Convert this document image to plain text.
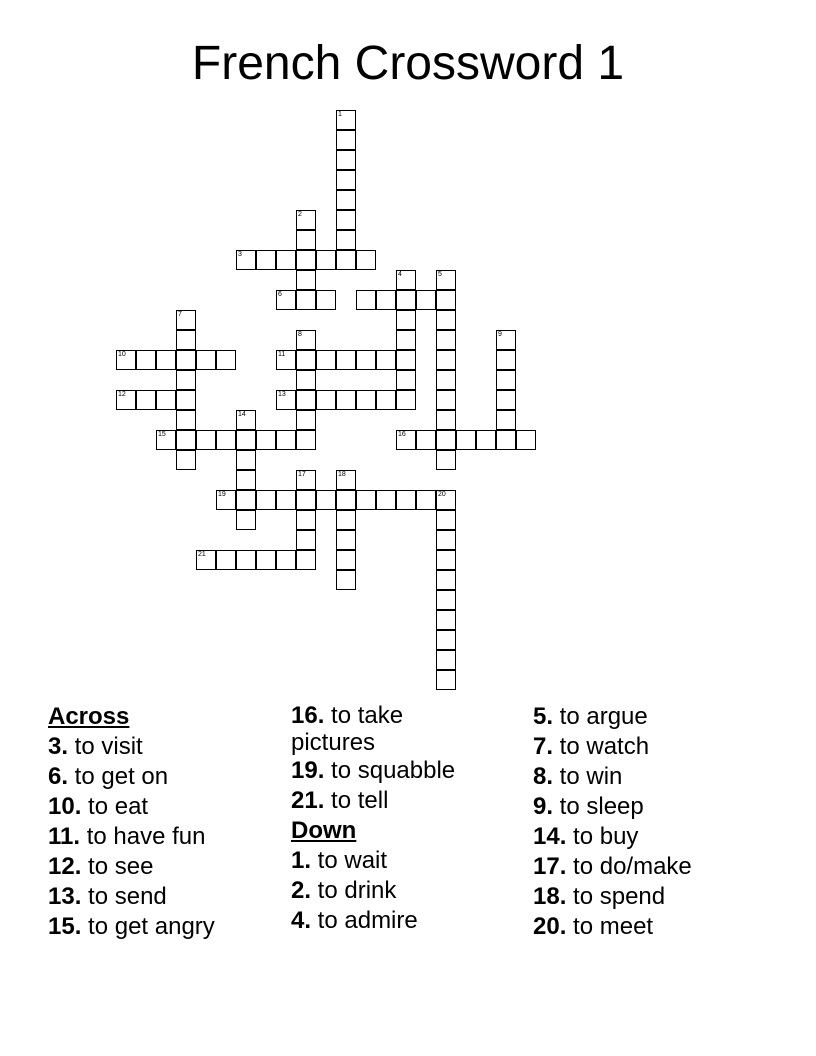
French Crossword 1
1
2
3
4	5
6
7
8	9
10	11
12	13
14
15	16
17	18
19	20
21
Across
3. to visit
6. to get on
10. to eat
11. to have fun
12. to see
13. to send
15. to get angry
16. to take pictures
19. to squabble
21. to tell
Down
1. to wait
2. to drink
4. to admire
5. to argue
7. to watch
8. to win
9. to sleep
14. to buy
17. to do/make
18. to spend
20. to meet
